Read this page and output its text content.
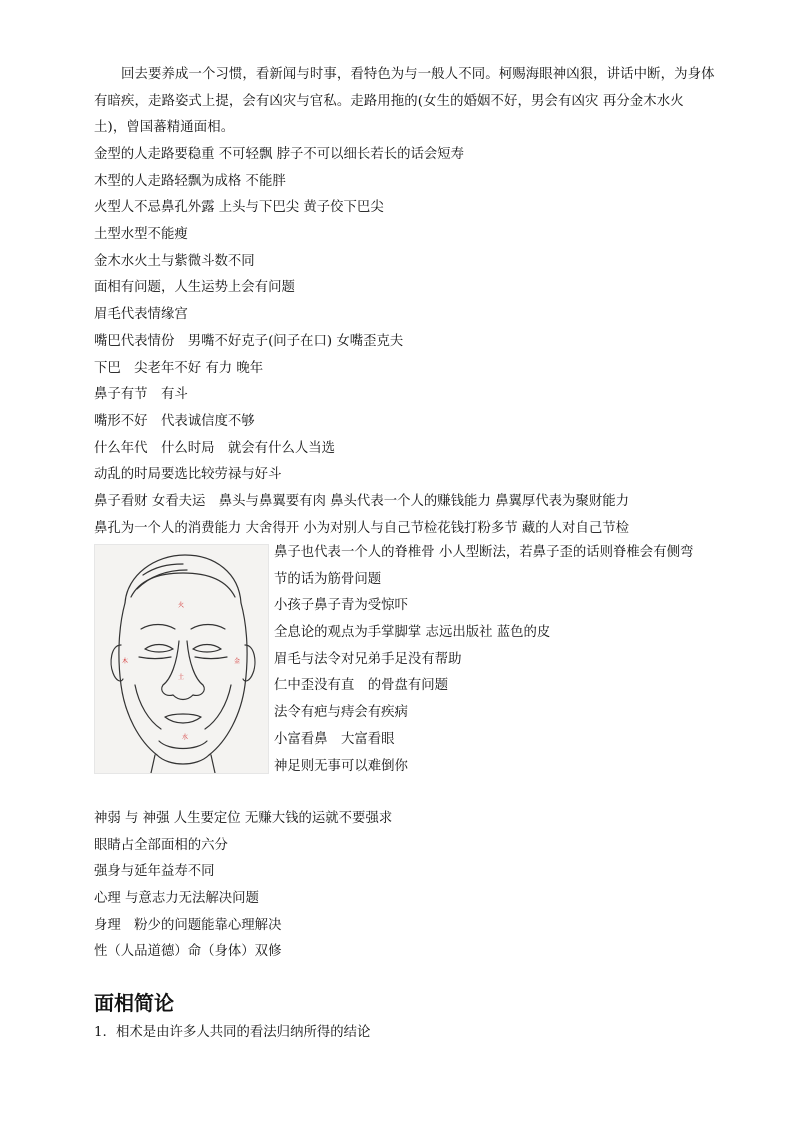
回去要养成一个习惯，看新闻与时事，看特色为与一般人不同。柯赐海眼神凶狠，讲话中断，为身体有暗疾，走路姿式上提，会有凶灾与官私。走路用拖的(女生的婚姻不好，男会有凶灾 再分金木水火土)，曾国蕃精通面相。
金型的人走路要稳重 不可轻飘 脖子不可以细长若长的话会短寿
木型的人走路轻飘为成格 不能胖
火型人不忌鼻孔外露 上头与下巴尖 黄子佼下巴尖
土型水型不能瘦
金木水火土与紫微斗数不同
面相有问题，人生运势上会有问题
眉毛代表情缘宫
嘴巴代表情份　男嘴不好克子(问子在口) 女嘴歪克夫
下巴　尖老年不好 有力 晚年
鼻子有节　有斗
嘴形不好　代表诚信度不够
什么年代　什么时局　就会有什么人当选
动乱的时局要选比较劳禄与好斗
鼻子看财 女看夫运　鼻头与鼻翼要有肉 鼻头代表一个人的赚钱能力 鼻翼厚代表为聚财能力
鼻孔为一个人的消费能力 大舍得开 小为对别人与自己节检花钱打粉多节 藏的人对自己节检
火
木	金
土
水
鼻子也代表一个人的脊椎骨 小人型断法，若鼻子歪的话则脊椎会有侧弯
节的话为筋骨问题
小孩子鼻子青为受惊吓
全息论的观点为手掌脚掌 志远出版社 蓝色的皮
眉毛与法令对兄弟手足没有帮助
仁中歪没有直　的骨盘有问题
法令有疤与痔会有疾病
小富看鼻　大富看眼
神足则无事可以难倒你
神弱 与 神强 人生要定位 无赚大钱的运就不要强求
眼睛占全部面相的六分
强身与延年益寿不同
心理 与意志力无法解决问题
身理　粉少的问题能靠心理解决
性（人品道德）命（身体）双修
面相简论
1. 相术是由许多人共同的看法归纳所得的结论
